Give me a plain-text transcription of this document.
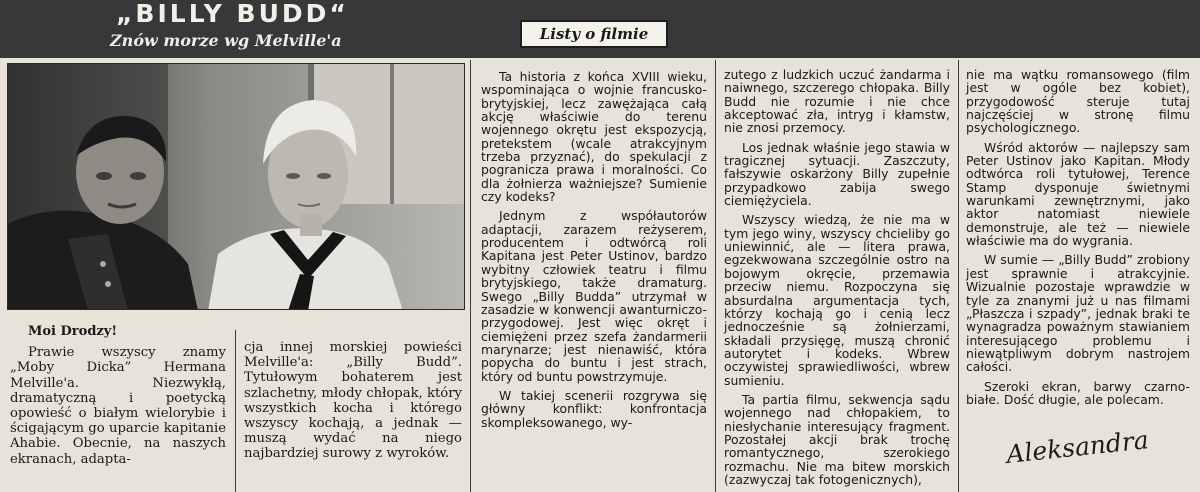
„BILLY BUDD“
Znów morze wg Melville'a	Listy o filmie

Moi Drodzy!

Prawie wszyscy znamy „Moby Dicka” Hermana Melville'a. Niezwykłą, dramatyczną i poetycką opowieść o białym wielorybie i ścigającym go uparcie kapitanie Ahabie. Obecnie, na naszych ekranach, adapta-

cja innej morskiej powieści Melville'a: „Billy Budd”. Tytułowym bohaterem jest szlachetny, młody chłopak, który wszystkich kocha i którego wszyscy kochają, a jednak — muszą wydać na niego najbardziej surowy z wyroków.

Ta historia z końca XVIII wieku, wspominająca o wojnie francusko-brytyjskiej, lecz zawężająca całą akcję właściwie do terenu wojennego okrętu jest ekspozycją, pretekstem (wcale atrakcyjnym trzeba przyznać), do spekulacji z pogranicza prawa i moralności. Co dla żołnierza ważniejsze? Sumienie czy kodeks?

Jednym z współautorów adaptacji, zarazem reżyserem, producentem i odtwórcą roli Kapitana jest Peter Ustinov, bardzo wybitny człowiek teatru i filmu brytyjskiego, także dramaturg. Swego „Billy Budda” utrzymał w zasadzie w konwencji awanturniczo-przygodowej. Jest więc okręt i ciemiężeni przez szefa żandarmerii marynarze; jest nienawiść, która popycha do buntu i jest strach, który od buntu powstrzymuje.

W takiej scenerii rozgrywa się główny konflikt: konfrontacja skompleksowanego, wy-

zutego z ludzkich uczuć żandarma i naiwnego, szczerego chłopaka. Billy Budd nie rozumie i nie chce akceptować zła, intryg i kłamstw, nie znosi przemocy.

Los jednak właśnie jego stawia w tragicznej sytuacji. Zaszczuty, fałszywie oskarżony Billy zupełnie przypadkowo zabija swego ciemiężyciela.

Wszyscy wiedzą, że nie ma w tym jego winy, wszyscy chcieliby go uniewinnić, ale — litera prawa, egzekwowana szczególnie ostro na bojowym okręcie, przemawia przeciw niemu. Rozpoczyna się absurdalna argumentacja tych, którzy kochają go i cenią lecz jednocześnie są żołnierzami, składali przysięgę, muszą chronić autorytet i kodeks. Wbrew oczywistej sprawiedliwości, wbrew sumieniu.

Ta partia filmu, sekwencja sądu wojennego nad chłopakiem, to niesłychanie interesujący fragment. Pozostałej akcji brak trochę romantycznego, szerokiego rozmachu. Nie ma bitew morskich (zazwyczaj tak fotogenicznych),

nie ma wątku romansowego (film jest w ogóle bez kobiet), przygodowość steruje tutaj najczęściej w stronę filmu psychologicznego.

Wśród aktorów — najlepszy sam Peter Ustinov jako Kapitan. Młody odtwórca roli tytułowej, Terence Stamp dysponuje świetnymi warunkami zewnętrznymi, jako aktor natomiast niewiele demonstruje, ale też — niewiele właściwie ma do wygrania.

W sumie — „Billy Budd” zrobiony jest sprawnie i atrakcyjnie. Wizualnie pozostaje wprawdzie w tyle za znanymi już u nas filmami „Płaszcza i szpady”, jednak braki te wynagradza poważnym stawianiem interesującego problemu i niewątpliwym dobrym nastrojem całości.

Szeroki ekran, barwy czarno-białe. Dość długie, ale polecam.

Aleksandra
